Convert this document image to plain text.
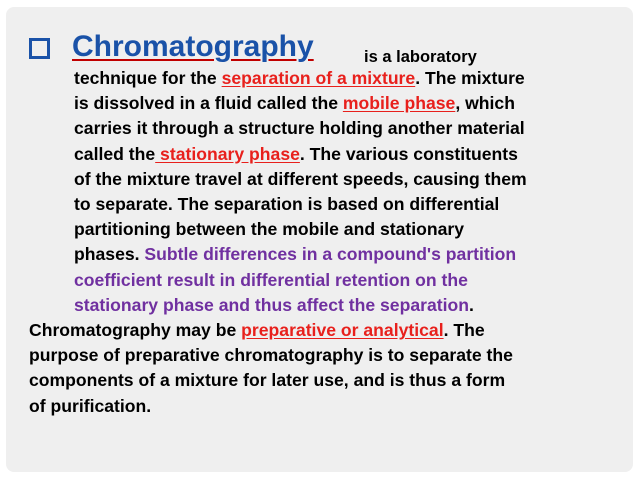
Chromatography	is a laboratory
technique for the separation of a mixture. The mixture
is dissolved in a fluid called the mobile phase, which
carries it through a structure holding another material
called the stationary phase. The various constituents
of the mixture travel at different speeds, causing them
to separate. The separation is based on differential
partitioning between the mobile and stationary
phases. Subtle differences in a compound's partition
coefficient result in differential retention on the
stationary phase and thus affect the separation.
Chromatography may be preparative or analytical. The
purpose of preparative chromatography is to separate the
components of a mixture for later use, and is thus a form
of purification.
